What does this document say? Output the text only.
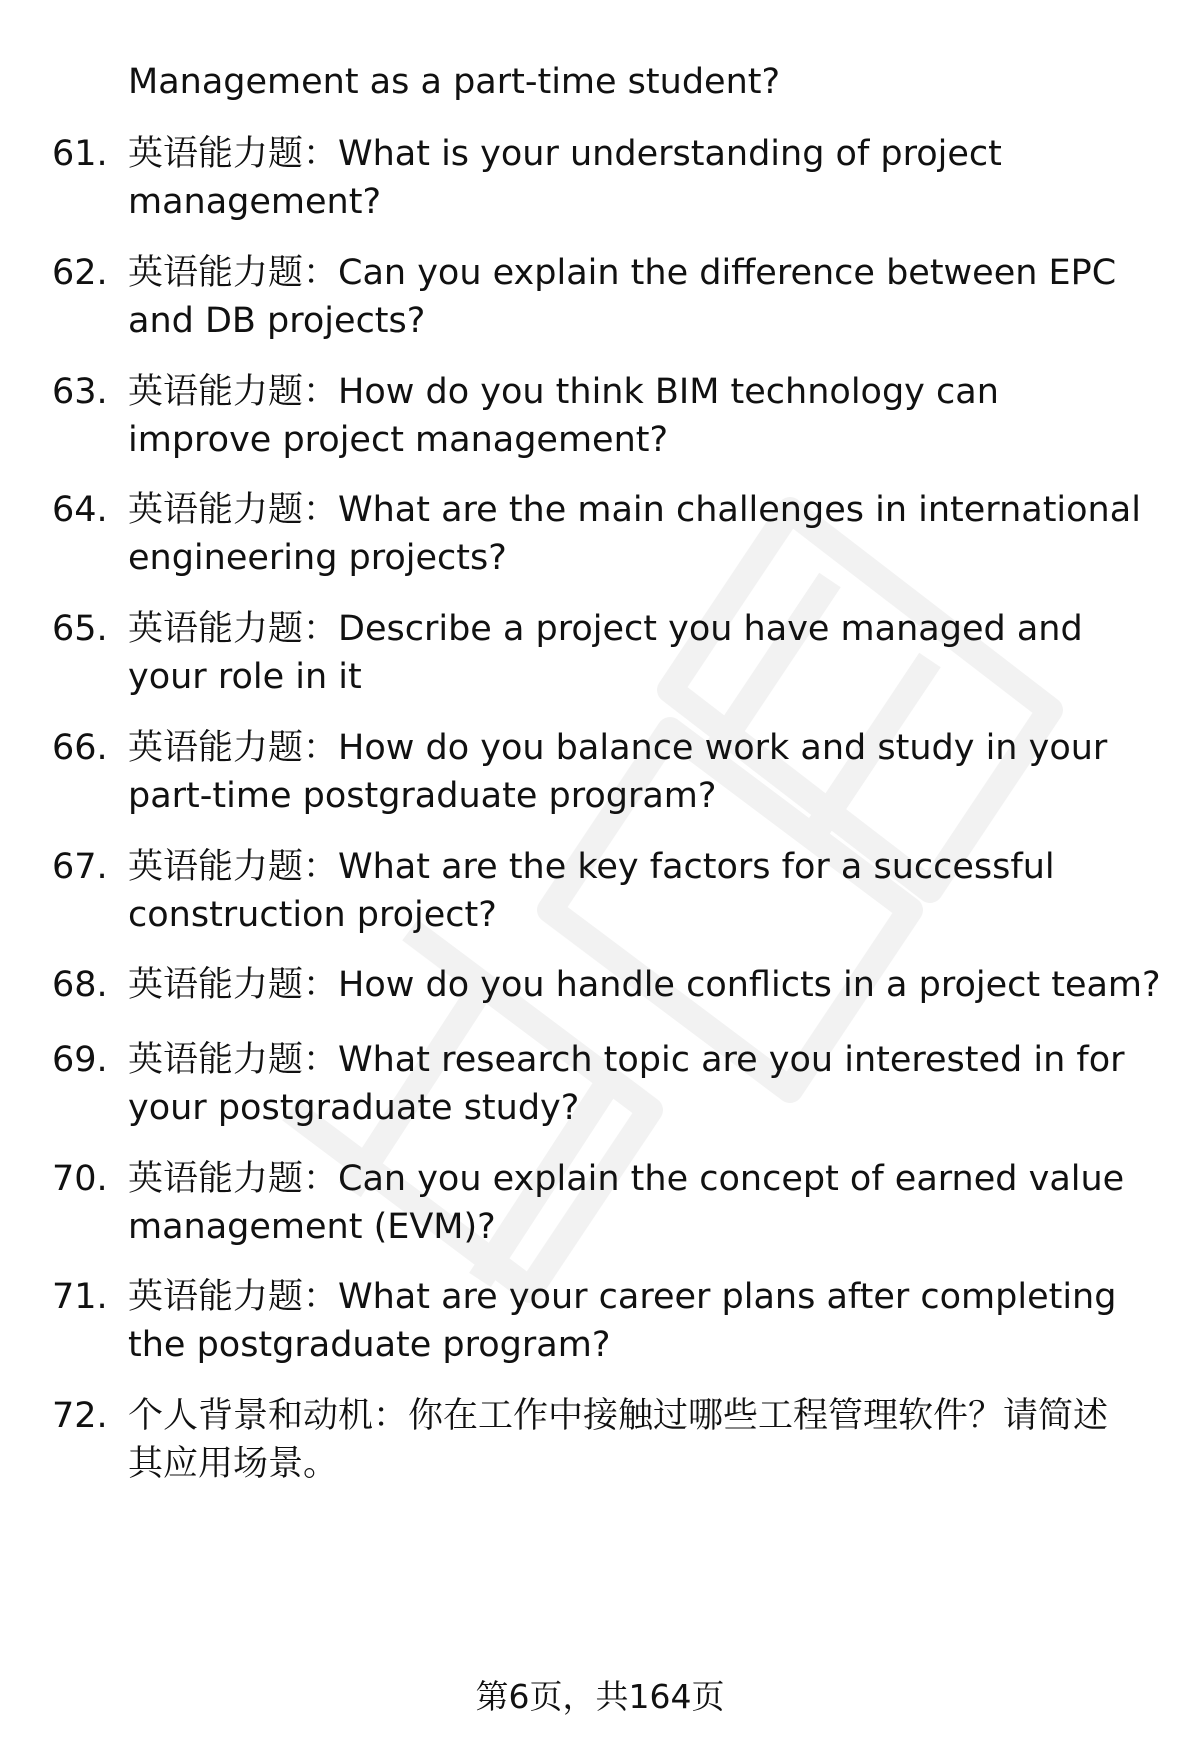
Management as a part-time student?
61. 英语能力题：What is your understanding of project
management?
62. 英语能力题：Can you explain the difference between EPC
and DB projects?
63. 英语能力题：How do you think BIM technology can
improve project management?
64. 英语能力题：What are the main challenges in international
engineering projects?
65. 英语能力题：Describe a project you have managed and
your role in it
66. 英语能力题：How do you balance work and study in your
part-time postgraduate program?
67. 英语能力题：What are the key factors for a successful
construction project?
68. 英语能力题：How do you handle conflicts in a project team?
69. 英语能力题：What research topic are you interested in for
your postgraduate study?
70. 英语能力题：Can you explain the concept of earned value
management (EVM)?
71. 英语能力题：What are your career plans after completing
the postgraduate program?
72. 个人背景和动机：你在工作中接触过哪些工程管理软件？请简述
其应用场景。
第6页，共164页
